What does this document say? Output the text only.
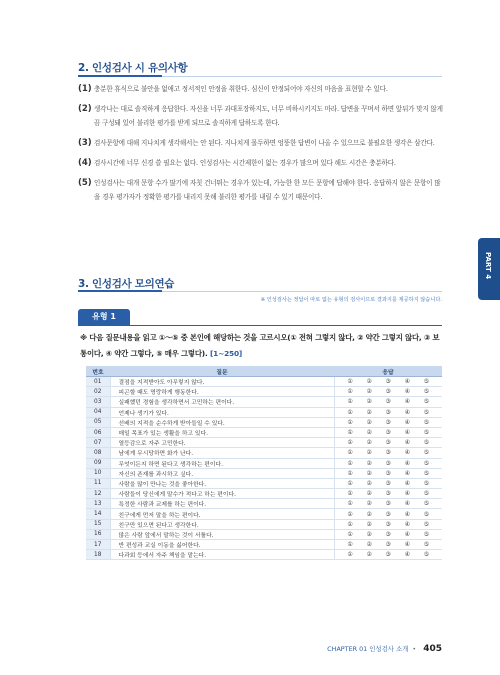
2. 인성검사 시 유의사항
(1) 충분한 휴식으로 불안을 없애고 정서적인 안정을 취한다. 심신이 안정되어야 자신의 마음을 표현할 수 있다.
(2) 생각나는 대로 솔직하게 응답한다. 자신을 너무 과대포장하지도, 너무 비하시키지도 마라. 답변을 꾸며서 하면 앞뒤가 맞지 않게끔 구성돼 있어 불리한 평가를 받게 되므로 솔직하게 답하도록 한다.
(3) 검사문항에 대해 지나치게 생각해서는 안 된다. 지나치게 몰두하면 엉뚱한 답변이 나올 수 있으므로 불필요한 생각은 삼간다.
(4) 검사시간에 너무 신경 쓸 필요는 없다. 인성검사는 시간제한이 없는 경우가 많으며 있다 해도 시간은 충분하다.
(5) 인성검사는 대개 문항 수가 많기에 자칫 건너뛰는 경우가 있는데, 가능한 한 모든 문항에 답해야 한다. 응답하지 않은 문항이 많을 경우 평가자가 정확한 평가를 내리지 못해 불리한 평가를 내릴 수 있기 때문이다.
PART 4
3. 인성검사 모의연습
※ 인성검사는 정답이 따로 없는 유형의 검사이므로 결과지를 제공하지 않습니다.
유형 1
※ 다음 질문내용을 읽고 ①～⑤ 중 본인에 해당하는 것을 고르시오(① 전혀 그렇지 않다, ② 약간 그렇지 않다, ③ 보통이다, ④ 약간 그렇다, ⑤ 매우 그렇다). [1~250]
번호	질문	응답
01	결점을 지적받아도 아무렇지 않다.	① ② ③ ④ ⑤

02	피곤할 때도 명랑하게 행동한다.	① ② ③ ④ ⑤

03	실패했던 경험을 생각하면서 고민하는 편이다.	① ② ③ ④ ⑤

04	언제나 생기가 있다.	① ② ③ ④ ⑤

05	선배의 지적을 순수하게 받아들일 수 있다.	① ② ③ ④ ⑤

06	매일 목표가 있는 생활을 하고 있다.	① ② ③ ④ ⑤

07	열등감으로 자주 고민한다.	① ② ③ ④ ⑤

08	남에게 무시당하면 화가 난다.	① ② ③ ④ ⑤

09	무엇이든지 하면 된다고 생각하는 편이다.	① ② ③ ④ ⑤

10	자신의 존재를 과시하고 싶다.	① ② ③ ④ ⑤

11	사람을 많이 만나는 것을 좋아한다.	① ② ③ ④ ⑤

12	사람들이 당신에게 말수가 적다고 하는 편이다.	① ② ③ ④ ⑤

13	특정한 사람과 교제를 하는 편이다.	① ② ③ ④ ⑤

14	친구에게 먼저 말을 하는 편이다.	① ② ③ ④ ⑤

15	친구만 있으면 된다고 생각한다.	① ② ③ ④ ⑤

16	많은 사람 앞에서 말하는 것이 서툴다.	① ② ③ ④ ⑤

17	반 편성과 교실 이동을 싫어한다.	① ② ③ ④ ⑤

18	다과회 등에서 자주 책임을 맡는다.	① ② ③ ④ ⑤
CHAPTER 01 인성검사 소개 • 405
